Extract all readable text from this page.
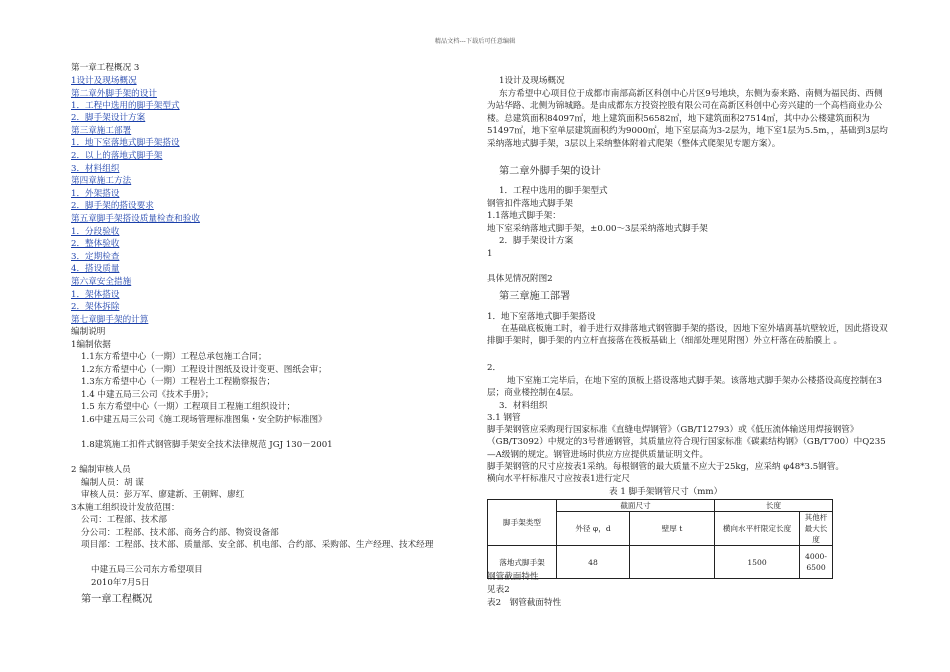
精品文档---下载后可任意编辑
第一章工程概况 3
1设计及现场概况
第二章外脚手架的设计
1．工程中选用的脚手架型式
2．脚手架设计方案
第三章施工部署
1．地下室落地式脚手架搭设
2．以上的落地式脚手架
3．材料组织
第四章施工方法
1．外架搭设
2．脚手架的搭设要求
第五章脚手架搭设质量检查和验收
1．分段验收
2．整体验收
3．定期检查
4．搭设质量
第六章安全措施
1．架体搭设
2．架体拆除
第七章脚手架的计算
编制说明
1编制依据
1.1东方希望中心（一期）工程总承包施工合同；
1.2东方希望中心（一期）工程设计图纸及设计变更、图纸会审；
1.3东方希望中心（一期）工程岩土工程勘察报告；
1.4 中建五局三公司《技术手册》；
1.5 东方希望中心（一期）工程项目工程施工组织设计；
1.6中建五局三公司《施工现场管理标准图集・安全防护标准图》
1.8建筑施工扣件式钢管脚手架安全技术法律规范 JGJ 130－2001
2 编制审核人员
编制人员：胡 谋
审核人员：彭万军、廖建新、王朝辉、廖红
3本施工组织设计发放范围：
公司：工程部、技术部
分公司：工程部、技术部、商务合约部、物资设备部
项目部：工程部、技术部、质量部、安全部、机电部、合约部、采购部、生产经理、技术经理
中建五局三公司东方希望项目
2010年7月5日
第一章工程概况
1设计及现场概况
东方希望中心项目位于成都市南部高新区科创中心片区9号地块，东侧为泰来路、南侧为福民街、西侧为站华路、北侧为锦城路。是由成都东方投资控股有限公司在高新区科创中心旁兴建的一个高档商业办公楼。总建筑面积84097㎡，地上建筑面积56582㎡，地下建筑面积27514㎡，其中办公楼建筑面积为51497㎡，地下室单层建筑面积约为9000㎡，地下室层高为3-2层为，地下室1层为5.5m，，基础到3层均采纳落地式脚手架，3层以上采纳整体附着式爬架（整体式爬架见专题方案）。
第二章外脚手架的设计
1．工程中选用的脚手架型式
钢管扣件落地式脚手架
1.1落地式脚手架：
地下室采纳落地式脚手架，±0.00～3层采纳落地式脚手架
2．脚手架设计方案
1
具体见情况附图2
第三章施工部署
1．地下室落地式脚手架搭设
在基础底板施工时，着手进行双排落地式钢管脚手架的搭设，因地下室外墙离基坑壁较近，因此搭设双排脚手架时，脚手架的内立杆直接落在筏板基础上（细部处理见附图）外立杆落在砖胎膜上 。
2．
地下室施工完毕后，在地下室的顶板上搭设落地式脚手架。该落地式脚手架办公楼搭设高度控制在3层；商业楼控制在4层。
3．材料组织
3.1 钢管
脚手架钢管应采购现行国家标准《直缝电焊钢管》（GB/T12793）或《低压流体输送用焊接钢管》（GB/T3092）中规定的3号普通钢管，其质量应符合现行国家标准《碳素结构钢》（GB/T700）中Q235—A级钢的规定。钢管进场时供应方应提供质量证明文件。
脚手架钢管的尺寸应按表1采纳。每根钢管的最大质量不应大于25kg，应采纳 φ48*3.5钢管。
横向水平杆标准尺寸应按表1进行定尺
表 1 脚手架钢管尺寸（mm）
脚手架类型	截面尺寸		长度	
	外径 φ，d	壁厚 t	横向水平杆限定长度	其他杆最大长度
落地式脚手架	48		1500	4000-6500
钢管截面特性
见表2
表2　钢管截面特性
